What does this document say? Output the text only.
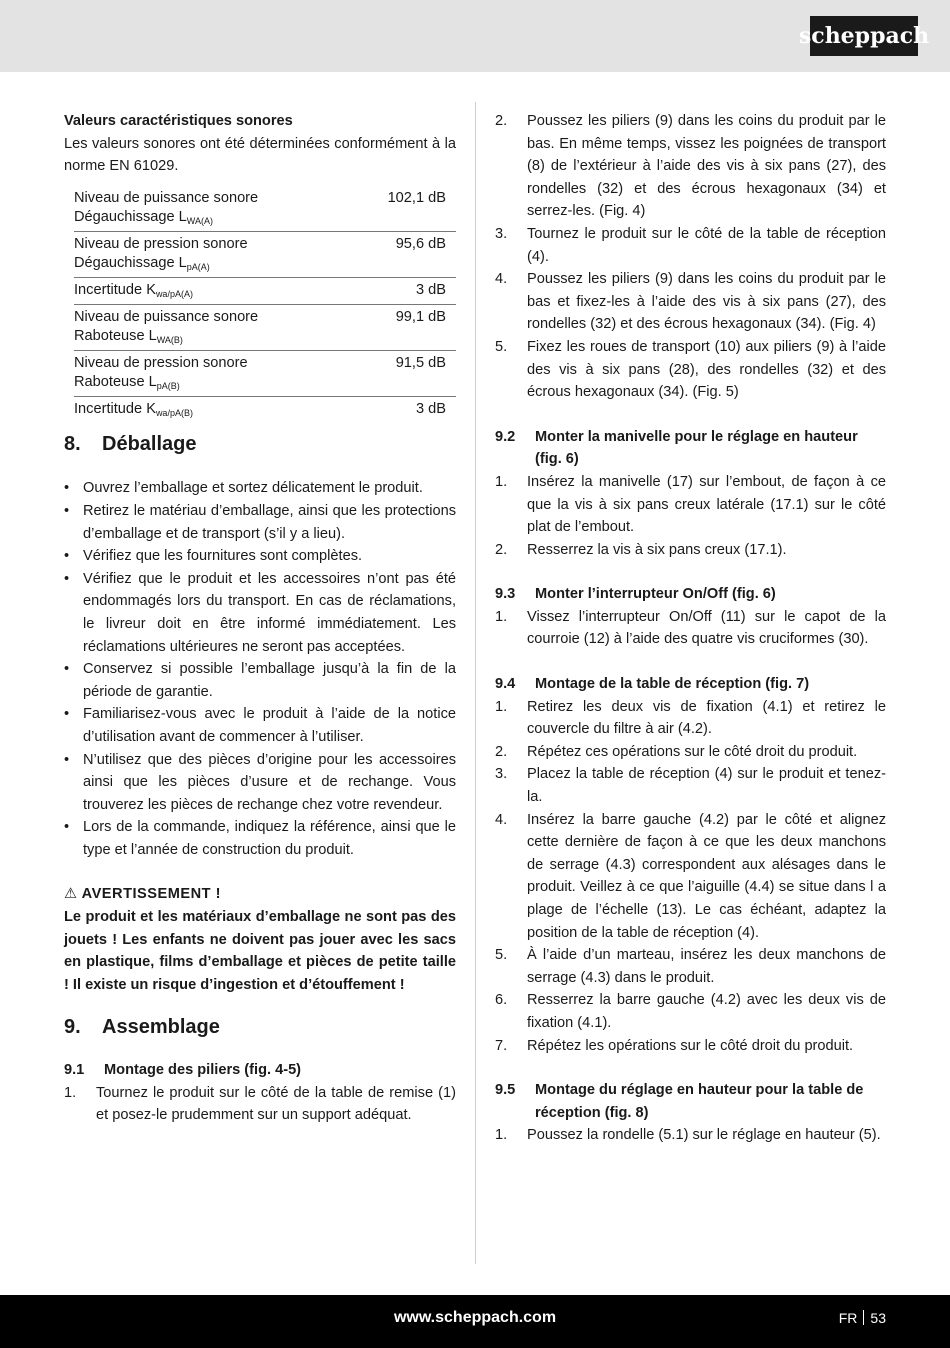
scheppach

Valeurs caractéristiques sonores

Les valeurs sonores ont été déterminées conformément à la norme EN 61029.

Niveau de puissance sonore
Dégauchissage $L_{WA(A)}$	102,1 dB
Niveau de pression sonore
Dégauchissage $L_{pA(A)}$	95,6 dB
Incertitude $K_{wa/pA(A)}$	3 dB
Niveau de puissance sonore
Raboteuse $L_{WA(B)}$	99,1 dB
Niveau de pression sonore
Raboteuse $L_{pA(B)}$	91,5 dB
Incertitude $K_{wa/pA(B)}$	3 dB
8.	Déballage
• Ouvrez l’emballage et sortez délicatement le produit.
• Retirez le matériau d’emballage, ainsi que les protections d’emballage et de transport (s’il y a lieu).
• Vérifiez que les fournitures sont complètes.
• Vérifiez que le produit et les accessoires n’ont pas été endommagés lors du transport. En cas de réclamations, le livreur doit en être informé immédiatement. Les réclamations ultérieures ne seront pas acceptées.
• Conservez si possible l’emballage jusqu’à la fin de la période de garantie.
• Familiarisez-vous avec le produit à l’aide de la notice d’utilisation avant de commencer à l’utiliser.
• N’utilisez que des pièces d’origine pour les accessoires ainsi que les pièces d’usure et de rechange. Vous trouverez les pièces de rechange chez votre revendeur.
• Lors de la commande, indiquez la référence, ainsi que le type et l’année de construction du produit.

⚠ AVERTISSEMENT !

Le produit et les matériaux d’emballage ne sont pas des jouets ! Les enfants ne doivent pas jouer avec les sacs en plastique, films d’emballage et pièces de petite taille ! Il existe un risque d’ingestion et d’étouffement !

9.	Assemblage
9.1	Montage des piliers (fig. 4-5)
1.	Tournez le produit sur le côté de la table de remise (1) et posez-le prudemment sur un support adéquat.
2.	Poussez les piliers (9) dans les coins du produit par le bas. En même temps, vissez les poignées de transport (8) de l’extérieur à l’aide des vis à six pans (27), des rondelles (32) et des écrous hexagonaux (34) et serrez-les. (Fig. 4)
3.	Tournez le produit sur le côté de la table de réception (4).
4.	Poussez les piliers (9) dans les coins du produit par le bas et fixez-les à l’aide des vis à six pans (27), des rondelles (32) et des écrous hexagonaux (34). (Fig. 4)
5.	Fixez les roues de transport (10) aux piliers (9) à l’aide des vis à six pans (28), des rondelles (32) et des écrous hexagonaux (34). (Fig. 5)
9.2	Monter la manivelle pour le réglage en hauteur (fig. 6)
1.	Insérez la manivelle (17) sur l’embout, de façon à ce que la vis à six pans creux latérale (17.1) sur le côté plat de l’embout.
2.	Resserrez la vis à six pans creux (17.1).
9.3	Monter l’interrupteur On/Off (fig. 6)
1.	Vissez l’interrupteur On/Off (11) sur le capot de la courroie (12) à l’aide des quatre vis cruciformes (30).
9.4	Montage de la table de réception (fig. 7)
1.	Retirez les deux vis de fixation (4.1) et retirez le couvercle du filtre à air (4.2).
2.	Répétez ces opérations sur le côté droit du produit.
3.	Placez la table de réception (4) sur le produit et tenez-la.
4.	Insérez la barre gauche (4.2) par le côté et alignez cette dernière de façon à ce que les deux manchons de serrage (4.3) correspondent aux alésages dans le produit. Veillez à ce que l’aiguille (4.4) se situe dans l a plage de l’échelle (13). Le cas échéant, adaptez la position de la table de réception (4).
5.	À l’aide d’un marteau, insérez les deux manchons de serrage (4.3) dans le produit.
6.	Resserrez la barre gauche (4.2) avec les deux vis de fixation (4.1).
7.	Répétez les opérations sur le côté droit du produit.
9.5	Montage du réglage en hauteur pour la table de réception (fig. 8)
1.	Poussez la rondelle (5.1) sur le réglage en hauteur (5).
www.scheppach.com	FR 53
